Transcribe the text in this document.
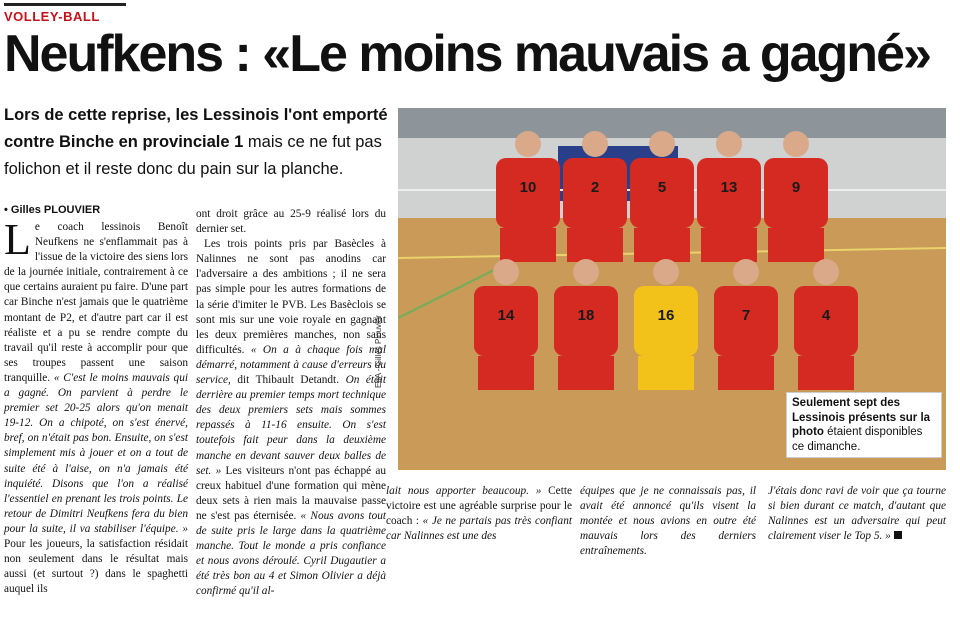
VOLLEY-BALL
Neufkens : «Le moins mauvais a gagné»
Lors de cette reprise, les Lessinois l'ont emporté contre Binche en provinciale 1 mais ce ne fut pas folichon et il reste donc du pain sur la planche.
• Gilles PLOUVIER

Le coach lessinois Benoît Neufkens ne s'enflammait pas à l'issue de la victoire des siens lors de la journée initiale, contrairement à ce que certains auraient pu faire. D'une part car Binche n'est jamais que le quatrième montant de P2, et d'autre part car il est réaliste et a pu se rendre compte du travail qu'il reste à accomplir pour que ses troupes passent une saison tranquille. « C'est le moins mauvais qui a gagné. On parvient à perdre le premier set 20-25 alors qu'on menait 19-12. On a chipoté, on s'est énervé, bref, on n'était pas bon. Ensuite, on s'est simplement mis à jouer et on a tout de suite été à l'aise, on n'a jamais été inquiété. Disons que l'on a réalisé l'essentiel en prenant les trois points. Le retour de Dimitri Neufkens fera du bien pour la suite, il va stabiliser l'équipe. » Pour les joueurs, la satisfaction résidait non seulement dans le résultat mais aussi (et surtout ?) dans le spaghetti auquel ils

ont droit grâce au 25-9 réalisé lors du dernier set.

Les trois points pris par Basècles à Nalinnes ne sont pas anodins car l'adversaire a des ambitions ; il ne sera pas simple pour les autres formations de la série d'imiter le PVB. Les Basèclois se sont mis sur une voie royale en gagnant les deux premières manches, non sans difficultés. « On a à chaque fois mal démarré, notamment à cause d'erreurs au service, dit Thibault Detandt. On était derrière au premier temps mort technique des deux premiers sets mais sommes repassés à 11-16 ensuite. On s'est toutefois fait peur dans la deuxième manche en devant sauver deux balles de set. » Les visiteurs n'ont pas échappé au creux habituel d'une formation qui mène deux sets à rien mais la mauvaise passe ne s'est pas éternisée. « Nous avons tout de suite pris le large dans la quatrième manche. Tout le monde a pris confiance et nous avons déroulé. Cyril Dugautier a été très bon au 4 et Simon Olivier a déjà confirmé qu'il al-

lait nous apporter beaucoup. » Cette victoire est une agréable surprise pour le coach : « Je ne partais pas très confiant car Nalinnes est une des

équipes que je ne connaissais pas, il avait été annoncé qu'ils visent la montée et nous avions en outre été mauvais lors des derniers entraînements.

J'étais donc ravi de voir que ça tourne si bien durant ce match, d'autant que Nalinnes est un adversaire qui peut clairement viser le Top 5. »

10	2	5	13	9
14	18	16	7	4
EdA - Gilles Plouvier
Seulement sept des Lessinois présents sur la photo étaient disponibles ce dimanche.
